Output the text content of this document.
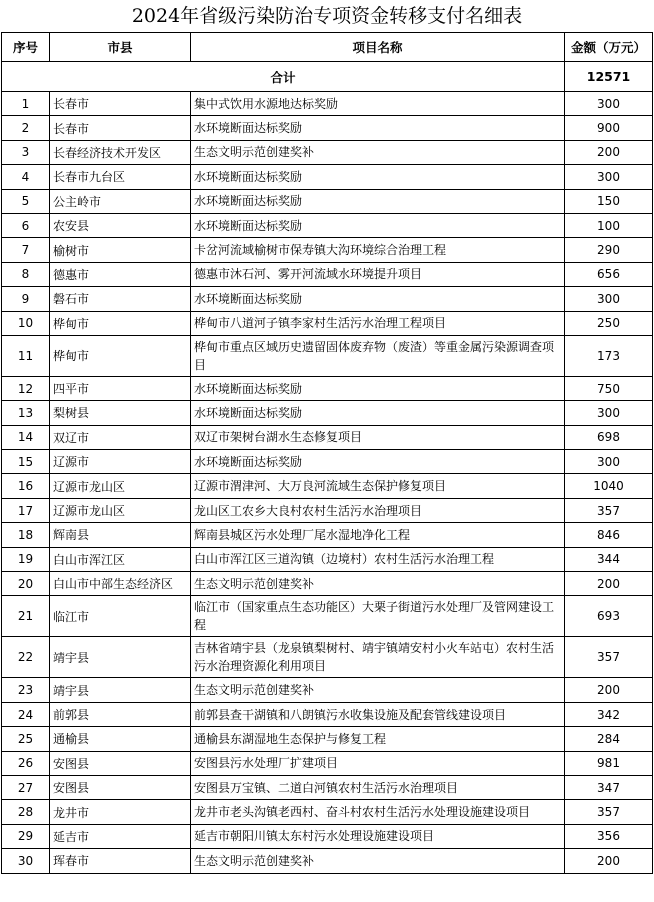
2024年省级污染防治专项资金转移支付名细表
序号	市县	项目名称	金额（万元）
合计			12571
1	长春市	集中式饮用水源地达标奖励	300
2	长春市	水环境断面达标奖励	900
3	长春经济技术开发区	生态文明示范创建奖补	200
4	长春市九台区	水环境断面达标奖励	300
5	公主岭市	水环境断面达标奖励	150
6	农安县	水环境断面达标奖励	100
7	榆树市	卡岔河流域榆树市保寿镇大沟环境综合治理工程	290
8	德惠市	德惠市沐石河、雾开河流域水环境提升项目	656
9	磐石市	水环境断面达标奖励	300
10	桦甸市	桦甸市八道河子镇李家村生活污水治理工程项目	250
11	桦甸市	桦甸市重点区域历史遗留固体废弃物（废渣）等重金属污染源调查项目	173
12	四平市	水环境断面达标奖励	750
13	梨树县	水环境断面达标奖励	300
14	双辽市	双辽市架树台湖水生态修复项目	698
15	辽源市	水环境断面达标奖励	300
16	辽源市龙山区	辽源市渭津河、大万良河流域生态保护修复项目	1040
17	辽源市龙山区	龙山区工农乡大良村农村生活污水治理项目	357
18	辉南县	辉南县城区污水处理厂尾水湿地净化工程	846
19	白山市浑江区	白山市浑江区三道沟镇（边境村）农村生活污水治理工程	344
20	白山市中部生态经济区	生态文明示范创建奖补	200
21	临江市	临江市（国家重点生态功能区）大栗子街道污水处理厂及管网建设工程	693
22	靖宇县	吉林省靖宇县（龙泉镇梨树村、靖宇镇靖安村小火车站屯）农村生活污水治理资源化利用项目	357
23	靖宇县	生态文明示范创建奖补	200
24	前郭县	前郭县查干湖镇和八朗镇污水收集设施及配套管线建设项目	342
25	通榆县	通榆县东湖湿地生态保护与修复工程	284
26	安图县	安图县污水处理厂扩建项目	981
27	安图县	安图县万宝镇、二道白河镇农村生活污水治理项目	347
28	龙井市	龙井市老头沟镇老西村、奋斗村农村生活污水处理设施建设项目	357
29	延吉市	延吉市朝阳川镇太东村污水处理设施建设项目	356
30	珲春市	生态文明示范创建奖补	200
